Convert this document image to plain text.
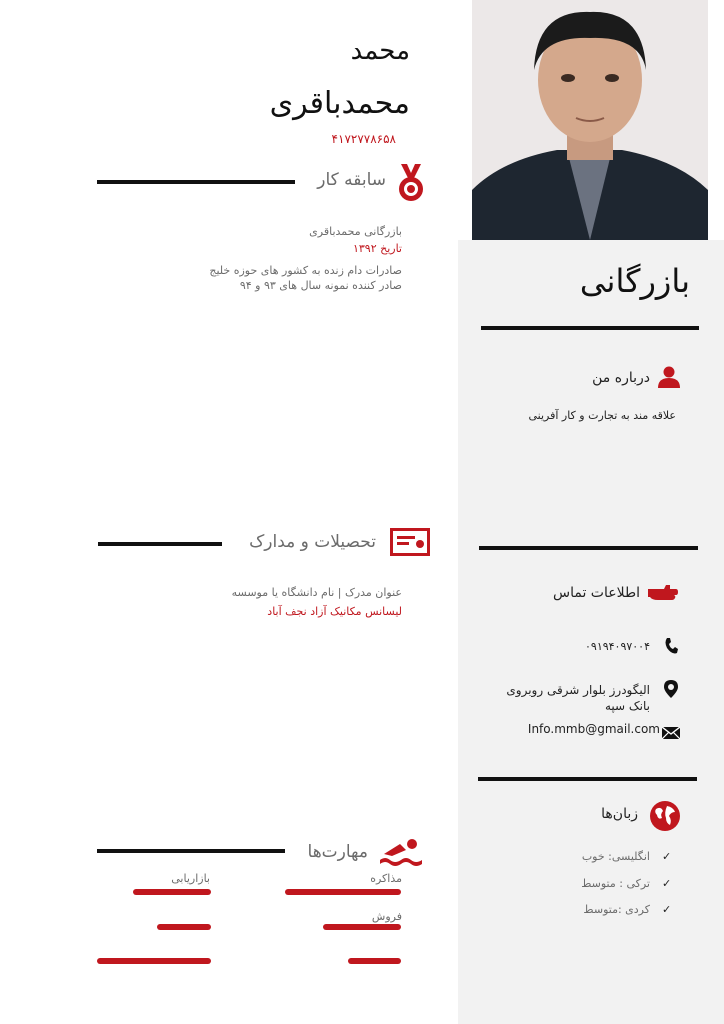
محمد
محمدباقری
۴۱۷۲۷۷۸۶۵۸
سابقه کار
بازرگانی محمدباقری
تاریخ ۱۳۹۲
صادرات دام زنده به کشور های حوزه خلیج
صادر کننده نمونه سال های ۹۳ و ۹۴
تحصیلات و مدارک
عنوان مدرک | نام دانشگاه یا موسسه
لیسانس مکانیک آزاد نجف آباد
مهارت‌ها
مذاکره
بازاریابی
فروش
بازرگانی
درباره من
علاقه مند به تجارت و کار آفرینی
اطلاعات تماس
۰۹۱۹۴۰۹۷۰۰۴
الیگودرز بلوار شرقی روبروی
بانک سپه
Info.mmb@gmail.com
زبان‌ها
✓
انگلیسی: خوب
✓
ترکی : متوسط
✓
کردی :متوسط
